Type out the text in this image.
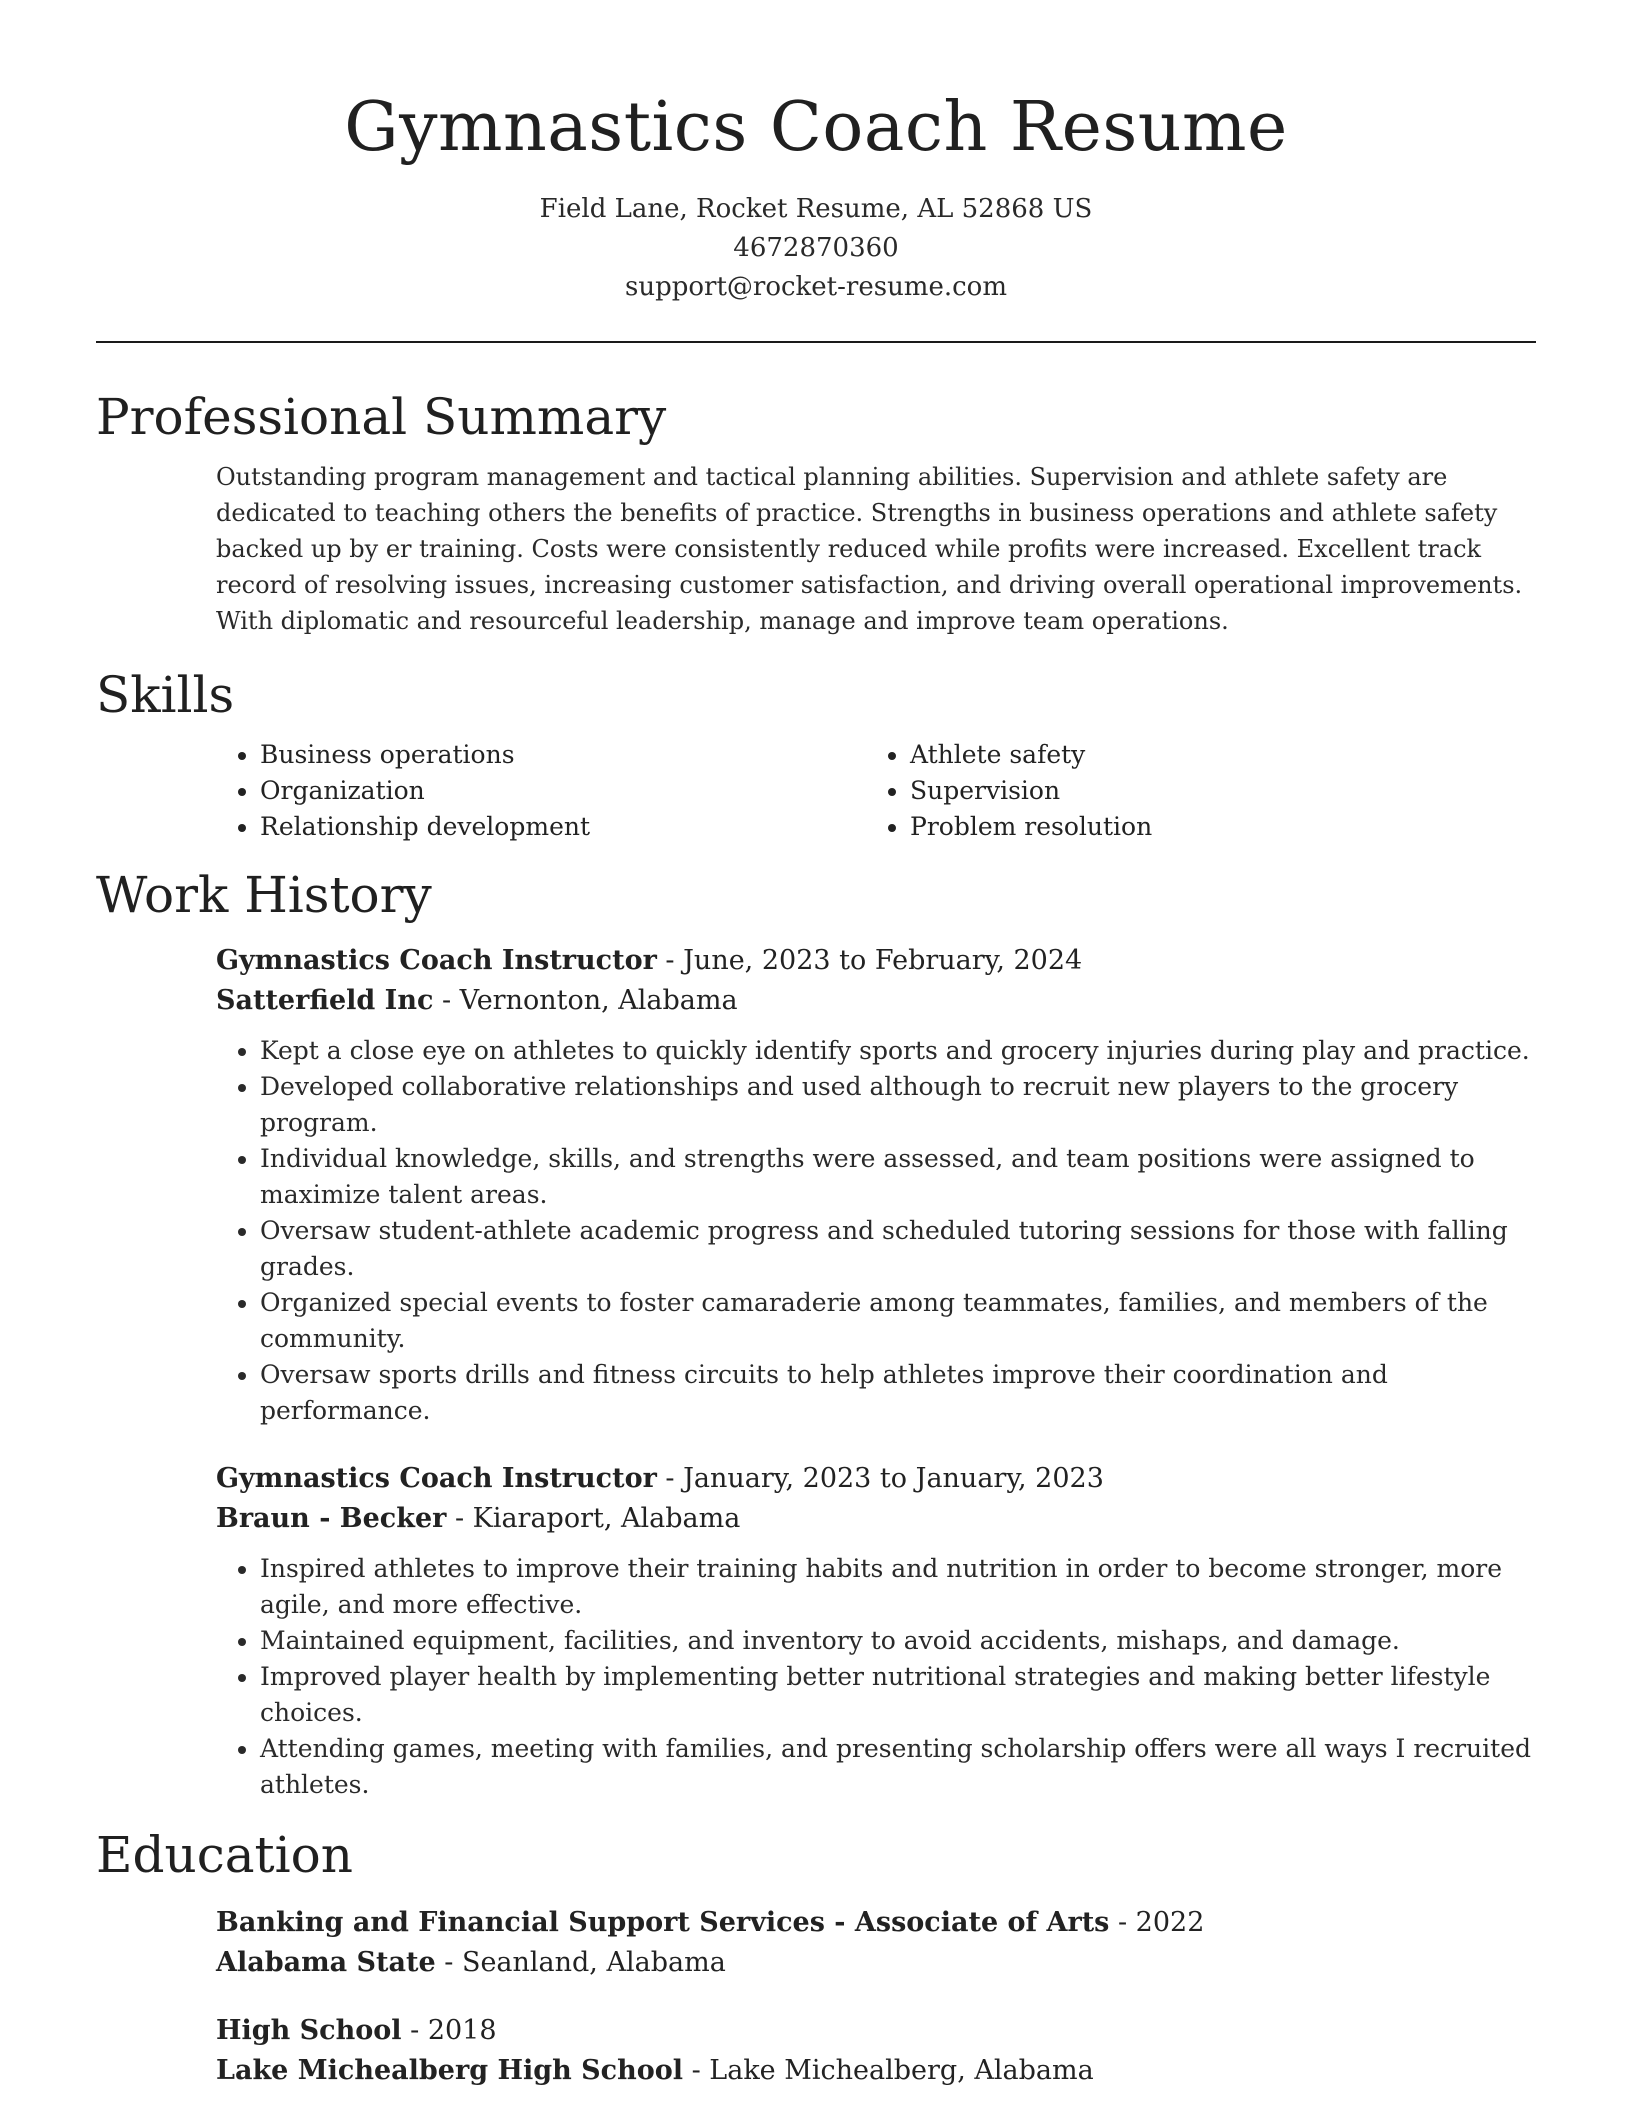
Gymnastics Coach Resume
Field Lane, Rocket Resume, AL 52868 US
4672870360
support@rocket-resume.com
Professional Summary
Outstanding program management and tactical planning abilities. Supervision and athlete safety are dedicated to teaching others the benefits of practice. Strengths in business operations and athlete safety backed up by er training. Costs were consistently reduced while profits were increased. Excellent track record of resolving issues, increasing customer satisfaction, and driving overall operational improvements. With diplomatic and resourceful leadership, manage and improve team operations.
Skills
• Business operations
• Organization
• Relationship development
• Athlete safety
• Supervision
• Problem resolution
Work History
Gymnastics Coach Instructor - June, 2023 to February, 2024
Satterfield Inc - Vernonton, Alabama
• Kept a close eye on athletes to quickly identify sports and grocery injuries during play and practice.
• Developed collaborative relationships and used although to recruit new players to the grocery program.
• Individual knowledge, skills, and strengths were assessed, and team positions were assigned to maximize talent areas.
• Oversaw student-athlete academic progress and scheduled tutoring sessions for those with falling grades.
• Organized special events to foster camaraderie among teammates, families, and members of the community.
• Oversaw sports drills and fitness circuits to help athletes improve their coordination and performance.
Gymnastics Coach Instructor - January, 2023 to January, 2023
Braun - Becker - Kiaraport, Alabama
• Inspired athletes to improve their training habits and nutrition in order to become stronger, more agile, and more effective.
• Maintained equipment, facilities, and inventory to avoid accidents, mishaps, and damage.
• Improved player health by implementing better nutritional strategies and making better lifestyle choices.
• Attending games, meeting with families, and presenting scholarship offers were all ways I recruited athletes.
Education
Banking and Financial Support Services - Associate of Arts - 2022
Alabama State - Seanland, Alabama
High School - 2018
Lake Michealberg High School - Lake Michealberg, Alabama
